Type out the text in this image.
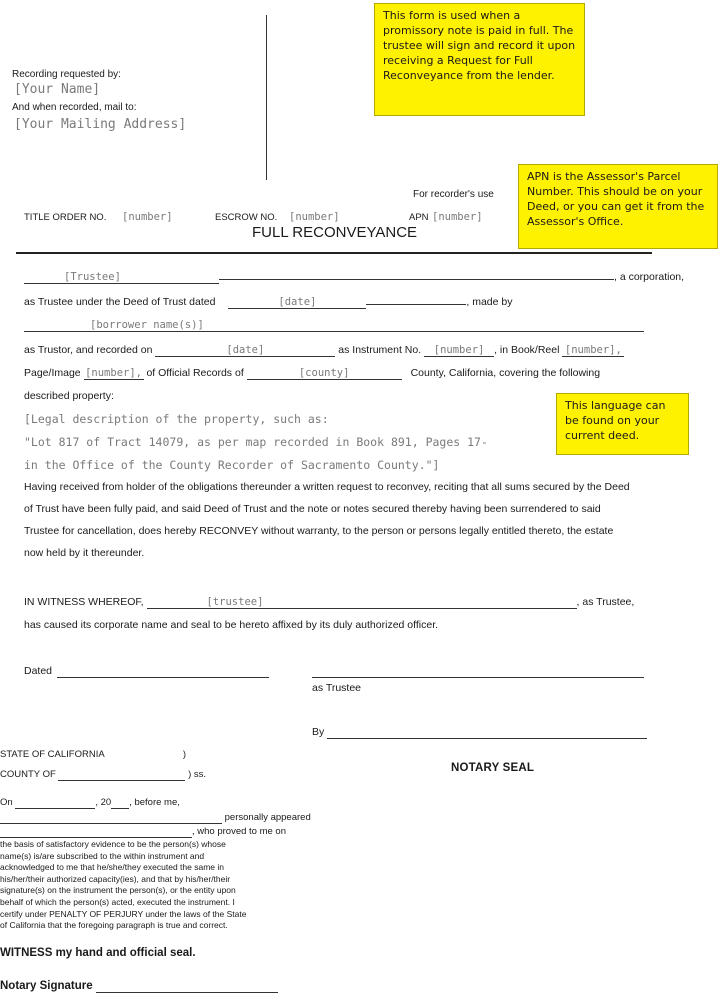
Recording requested by:
[Your Name]
And when recorded, mail to:
[Your Mailing Address]
For recorder's use
TITLE ORDER NO. [number]	ESCROW NO. [number]	APN [number]
FULL RECONVEYANCE
This form is used when a promissory note is paid in full. The trustee will sign and record it upon receiving a Request for Full Reconveyance from the lender.
APN is the Assessor's Parcel Number. This should be on your Deed, or you can get it from the Assessor's Office.
This language can be found on your current deed.
[Trustee]	, a corporation,
as Trustee under the Deed of Trust dated	[date]	, made by
[borrower name(s)]
as Trustor, and recorded on	[date]	as Instrument No. [number] , in Book/Reel [number],
Page/Image [number], of Official Records of	[county]	County, California, covering the following
described property:
[Legal description of the property, such as:
"Lot 817 of Tract 14079, as per map recorded in Book 891, Pages 17-
in the Office of the County Recorder of Sacramento County."]
Having received from holder of the obligations thereunder a written request to reconvey, reciting that all sums secured by the Deed
of Trust have been fully paid, and said Deed of Trust and the note or notes secured thereby having been surrendered to said
Trustee for cancellation, does hereby RECONVEY without warranty, to the person or persons legally entitled thereto, the estate
now held by it thereunder.
IN WITNESS WHEREOF,	[trustee]	, as Trustee,
has caused its corporate name and seal to be hereto affixed by its duly authorized officer.
Dated
as Trustee
By
NOTARY SEAL
STATE OF CALIFORNIA	)
COUNTY OF	) ss.
On	, 20 , before me,
personally appeared
, who proved to me on
the basis of satisfactory evidence to be the person(s) whose
name(s) is/are subscribed to the within instrument and
acknowledged to me that he/she/they executed the same in
his/her/their authorized capacity(ies), and that by his/her/their
signature(s) on the instrument the person(s), or the entity upon
behalf of which the person(s) acted, executed the instrument. I
certify under PENALTY OF PERJURY under the laws of the State
of California that the foregoing paragraph is true and correct.
WITNESS my hand and official seal.
Notary Signature
